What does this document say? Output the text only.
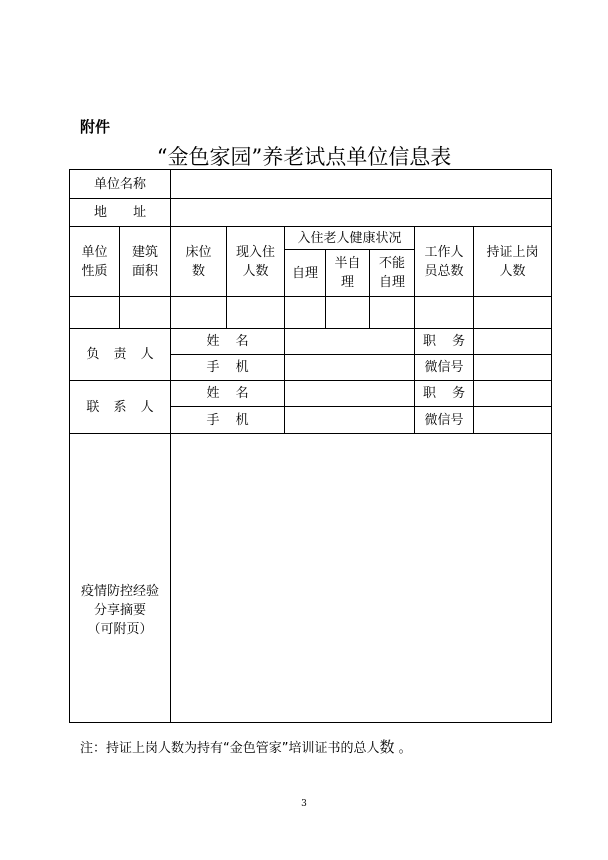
附件
“金色家园”养老试点单位信息表
单位名称								
地 址								

单位性质	建筑面积	床位数	现入住人数	入住老人健康状况			工作人员总数	持证上岗人数

				自理	半自理	不能自理		

负 责 人		姓 名					职 务	
		手 机					微信号	
联 系 人		姓 名					职 务	
		手 机					微信号	

疫情防控经验
分享摘要
（可附页）								

注：持证上岗人数为持有“金色管家”培训证书的总人数 。
3
